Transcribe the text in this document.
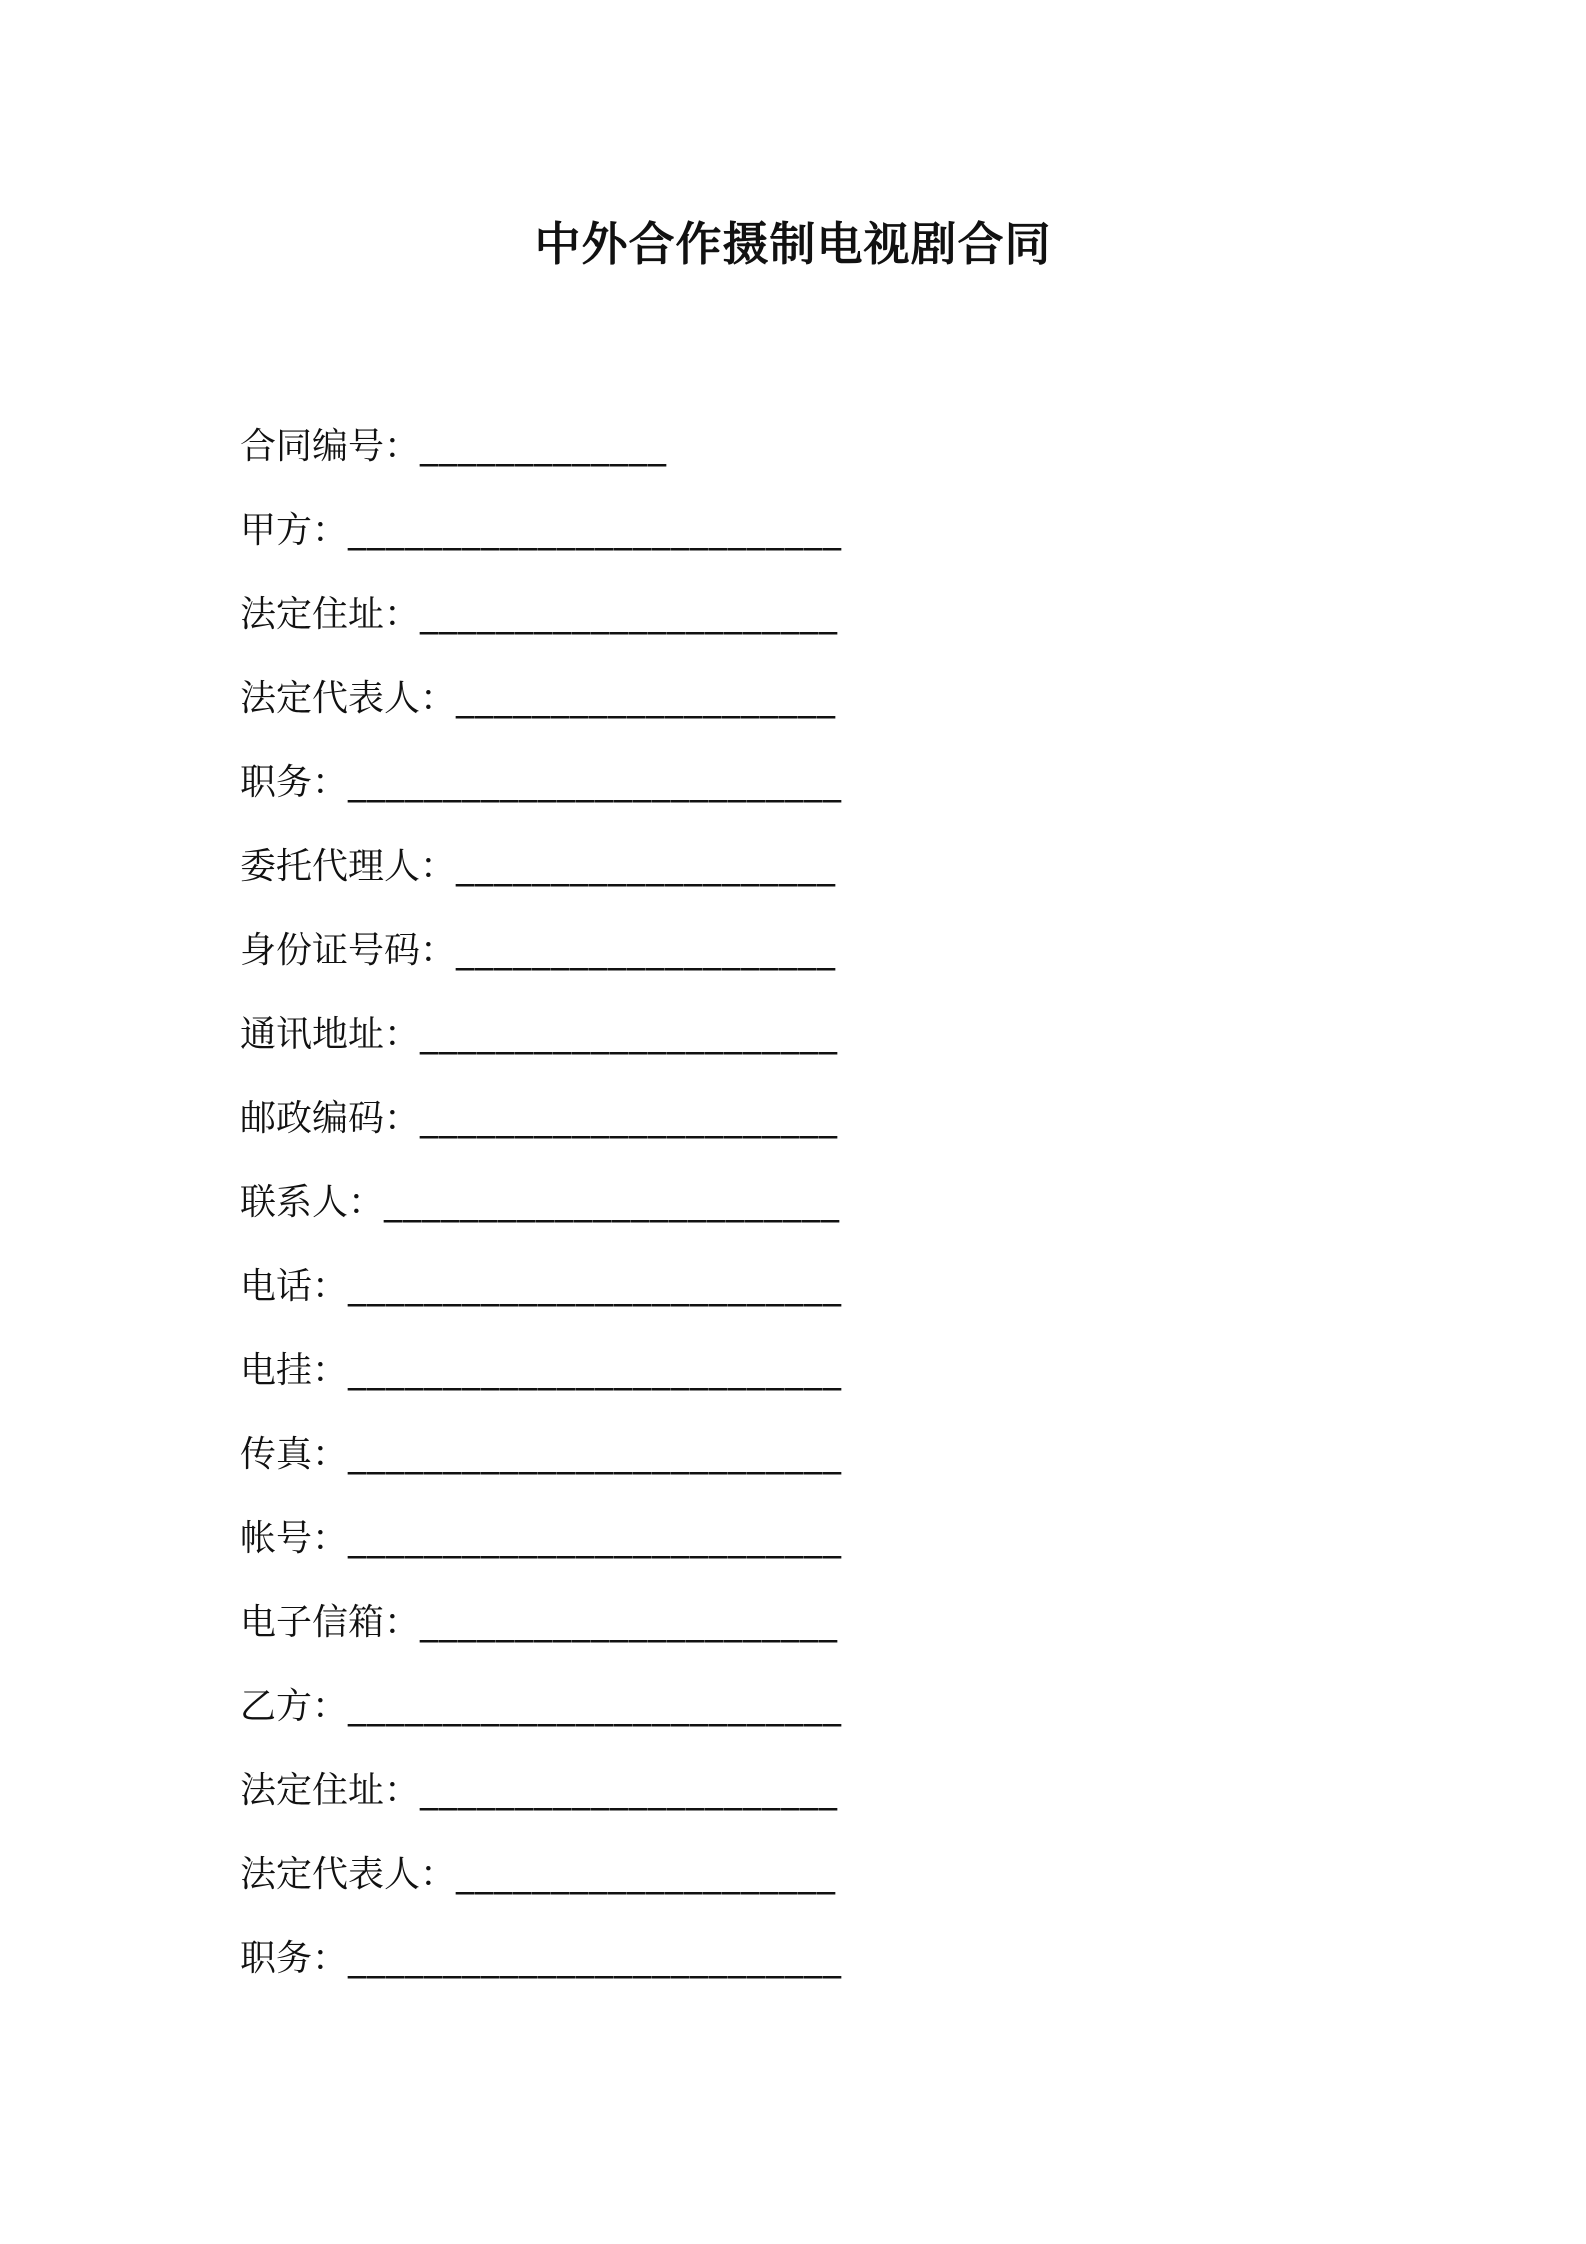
中外合作摄制电视剧合同
合同编号： _____________
甲方： __________________________
法定住址： ______________________
法定代表人： ____________________
职务： __________________________
委托代理人： ____________________
身份证号码： ____________________
通讯地址： ______________________
邮政编码： ______________________
联系人： ________________________
电话： __________________________
电挂： __________________________
传真： __________________________
帐号： __________________________
电子信箱： ______________________
乙方： __________________________
法定住址： ______________________
法定代表人： ____________________
职务： __________________________
